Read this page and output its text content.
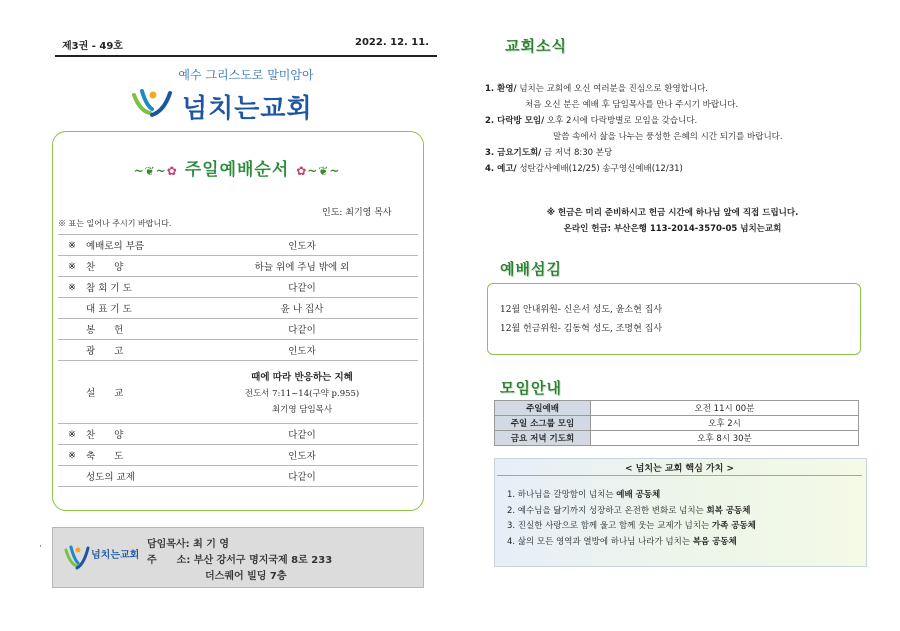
제3권 - 49호	2022. 12. 11.
예수 그리스도로 말미암아
넘치는교회
~❦~✿ 주일예배순서 ✿~❦~
인도: 최기영 목사
※ 표는 일어나 주시기 바랍니다.
※	예배로의 부름	인도자
※	찬　　양	하늘 위에 주님 밖에 외
※	참 회 기 도	다같이
	대 표 기 도	윤 나 집사
	봉　　헌	다같이
	광　　고	인도자
	설　　교	때에 따라 반응하는 지혜
전도서 7:11~14(구약 p.955)
최기영 담임목사

※	찬　　양	다같이
※	축　　도	인도자
	성도의 교제	다같이
·
넘치는교회
담임목사: 최 기 영
주　　소: 부산 강서구 명지국제 8로 233
더스퀘어 빌딩 7층
교회소식
1. 환영/ 넘치는 교회에 오신 여러분을 진심으로 환영합니다.
처음 오신 분은 예배 후 담임목사를 만나 주시기 바랍니다.
2. 다락방 모임/ 오후 2시에 다락방별로 모임을 갖습니다.
말씀 속에서 삶을 나누는 풍성한 은혜의 시간 되기를 바랍니다.
3. 금요기도회/ 금 저녁 8:30 본당
4. 예고/ 성탄감사예배(12/25) 송구영신예배(12/31)
※ 헌금은 미리 준비하시고 헌금 시간에 하나님 앞에 직접 드립니다.
온라인 헌금: 부산은행 113-2014-3570-05 넘치는교회
예배섬김
12월 안내위원- 신은서 성도, 윤소현 집사
12월 헌금위원- 김동혁 성도, 조명현 집사
모임안내
주일예배	오전 11시 00분
주일 소그룹 모임	오후 2시
금요 저녁 기도회	오후 8시 30분
< 넘치는 교회 핵심 가치 >
1. 하나님을 갈망함이 넘치는 예배 공동체
2. 예수님을 닮기까지 성장하고 온전한 변화로 넘치는 회복 공동체
3. 진실한 사랑으로 함께 울고 함께 웃는 교제가 넘치는 가족 공동체
4. 삶의 모든 영역과 열방에 하나님 나라가 넘치는 복음 공동체
